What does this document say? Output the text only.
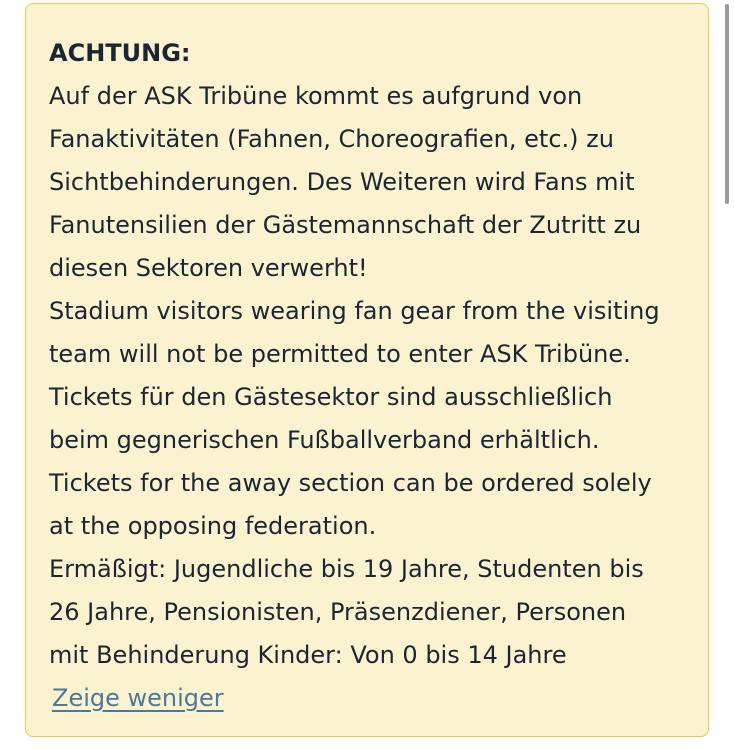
ACHTUNG:

Auf der ASK Tribüne kommt es aufgrund von

Fanaktivitäten (Fahnen, Choreografien, etc.) zu

Sichtbehinderungen. Des Weiteren wird Fans mit

Fanutensilien der Gästemannschaft der Zutritt zu

diesen Sektoren verwerht!

Stadium visitors wearing fan gear from the visiting

team will not be permitted to enter ASK Tribüne.

Tickets für den Gästesektor sind ausschließlich

beim gegnerischen Fußballverband erhältlich.

Tickets for the away section can be ordered solely

at the opposing federation.

Ermäßigt: Jugendliche bis 19 Jahre, Studenten bis

26 Jahre, Pensionisten, Präsenzdiener, Personen

mit Behinderung Kinder: Von 0 bis 14 Jahre

Zeige weniger
